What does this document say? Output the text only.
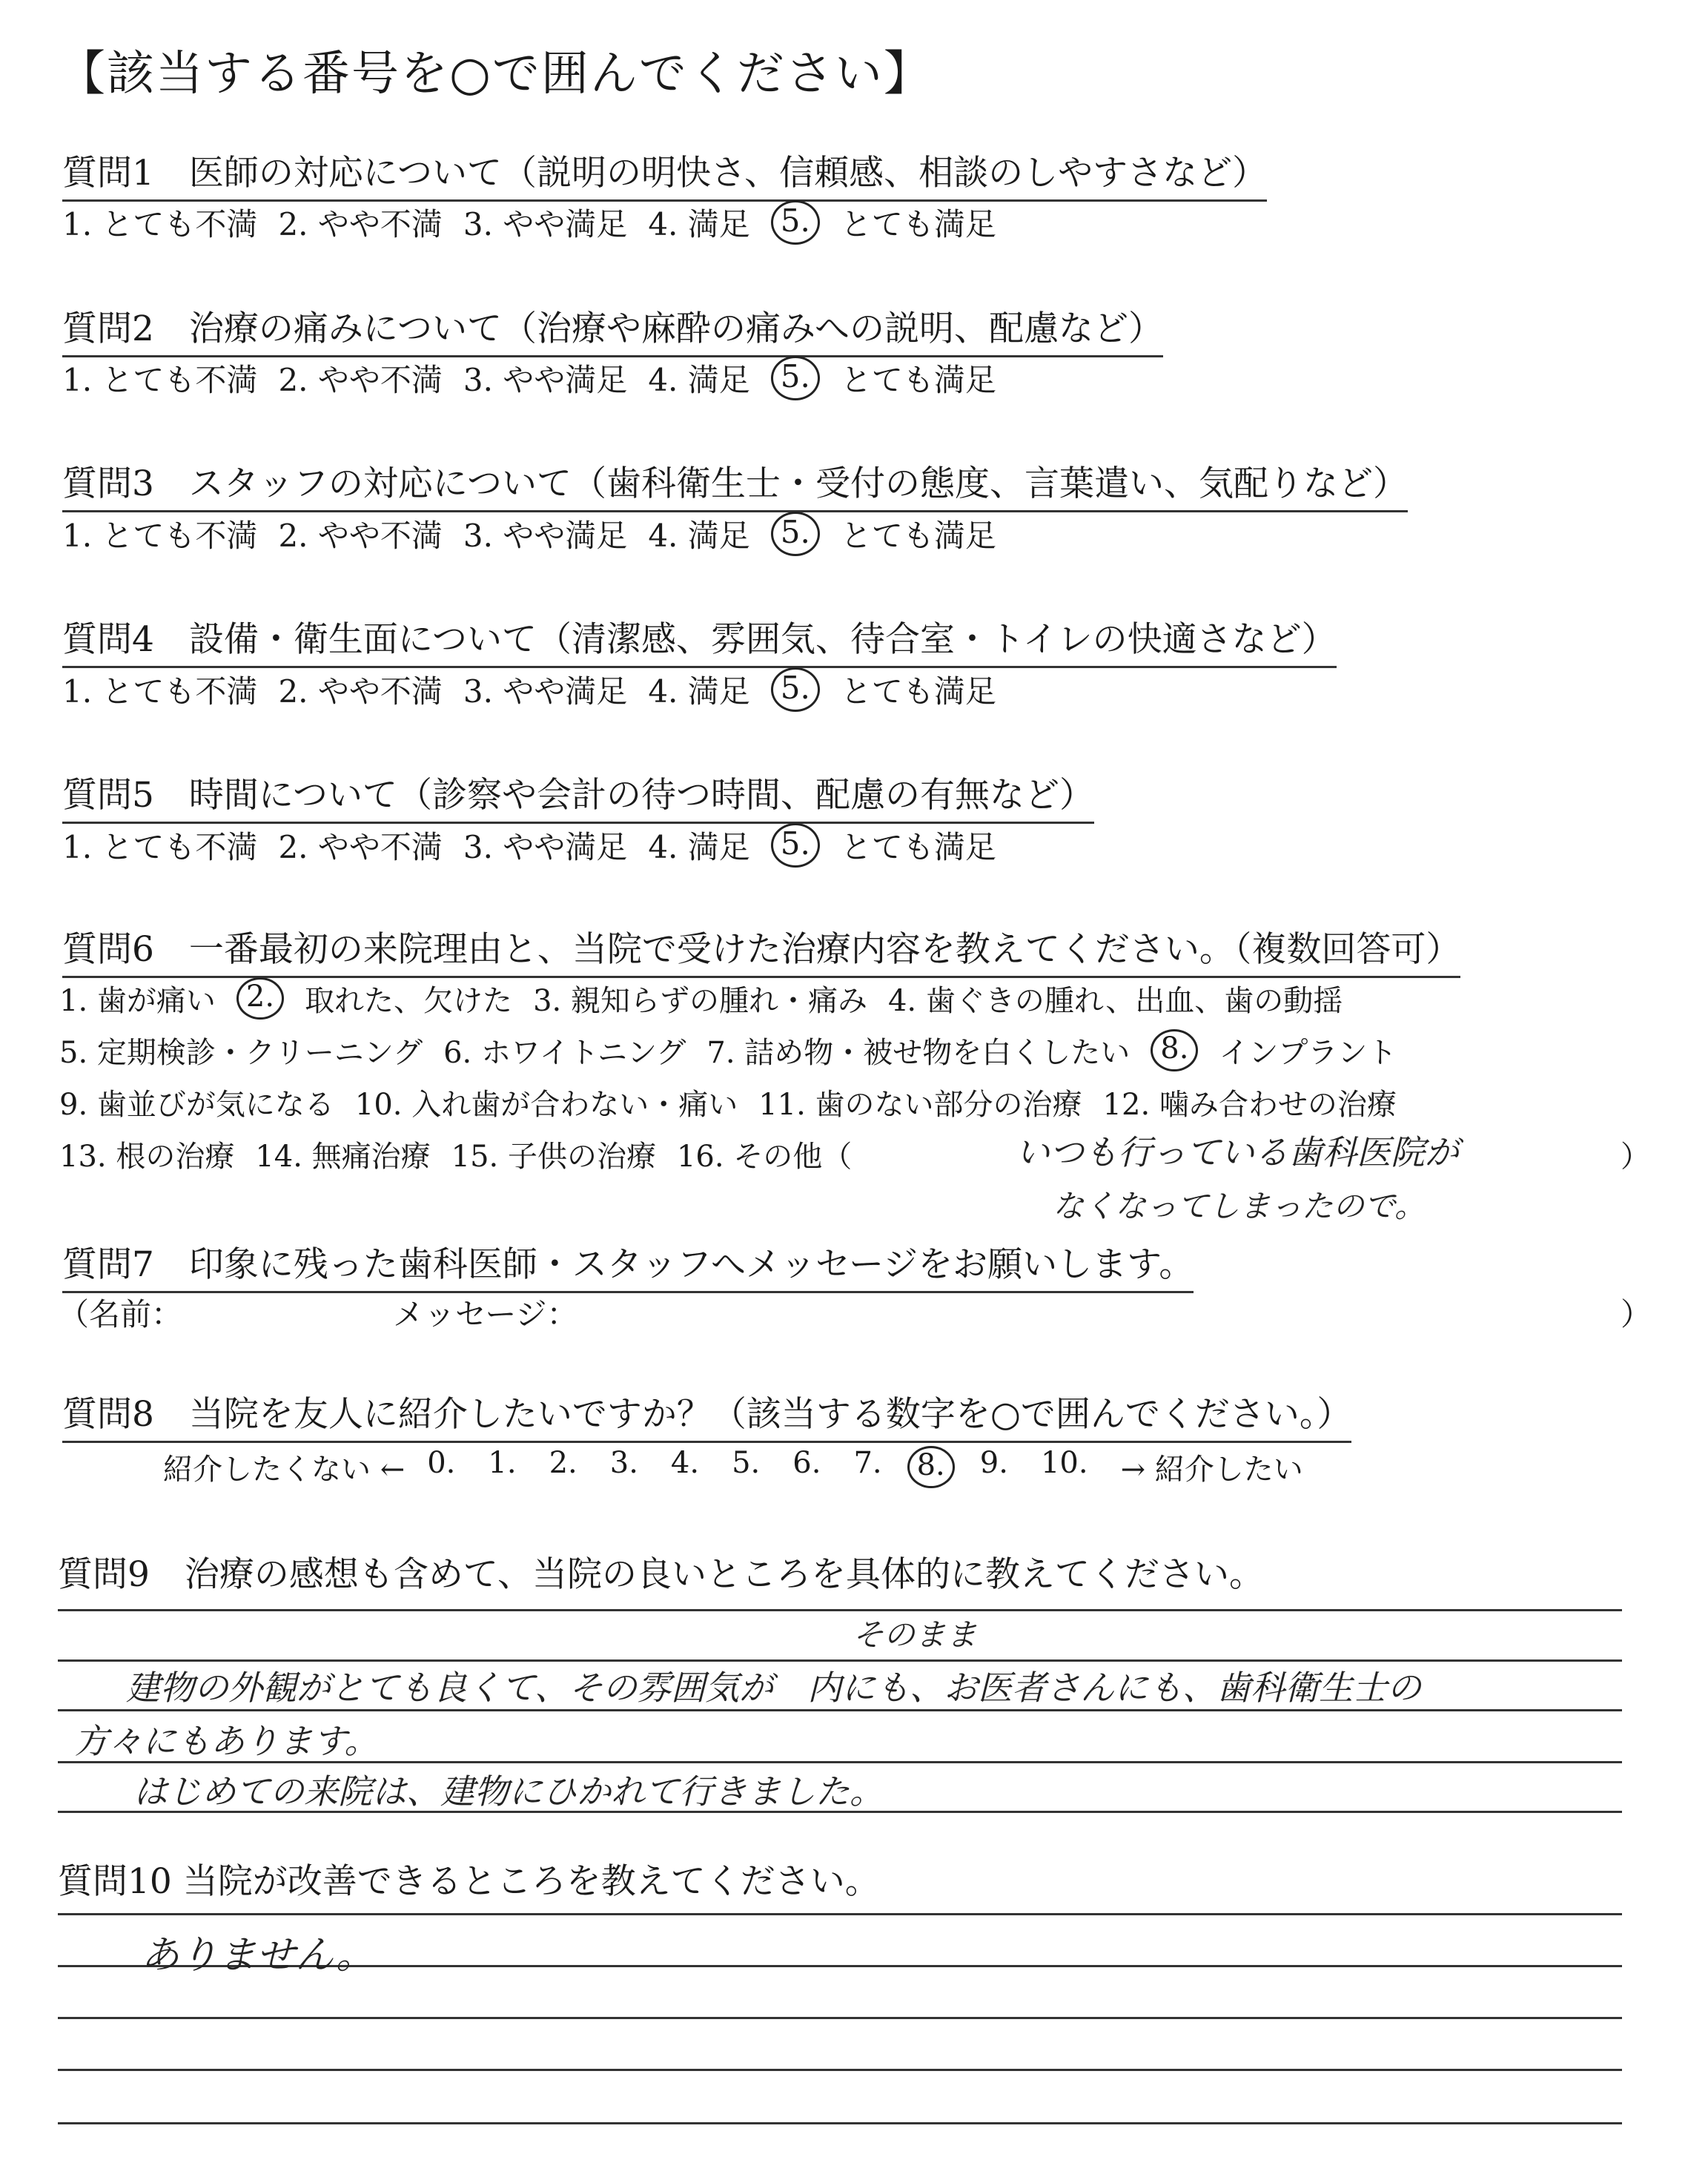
【該当する番号を○で囲んでください】
質問1　医師の対応について（説明の明快さ、信頼感、相談のしやすさなど）
1. とても不満 2. やや不満 3. やや満足 4. 満足 5. とても満足
質問2　治療の痛みについて（治療や麻酔の痛みへの説明、配慮など）
1. とても不満 2. やや不満 3. やや満足 4. 満足 5. とても満足
質問3　スタッフの対応について（歯科衛生士・受付の態度、言葉遣い、気配りなど）
1. とても不満 2. やや不満 3. やや満足 4. 満足 5. とても満足
質問4　設備・衛生面について（清潔感、雰囲気、待合室・トイレの快適さなど）
1. とても不満 2. やや不満 3. やや満足 4. 満足 5. とても満足
質問5　時間について（診察や会計の待つ時間、配慮の有無など）
1. とても不満 2. やや不満 3. やや満足 4. 満足 5. とても満足
質問6　一番最初の来院理由と、当院で受けた治療内容を教えてください。（複数回答可）
1. 歯が痛い	2.	取れた、欠けた 3. 親知らずの腫れ・痛み 4. 歯ぐきの腫れ、出血、歯の動揺
5. 定期検診・クリーニング 6. ホワイトニング 7. 詰め物・被せ物を白くしたい	8.	インプラント
9. 歯並びが気になる 10. 入れ歯が合わない・痛い 11. 歯のない部分の治療 12. 噛み合わせの治療
13. 根の治療 14. 無痛治療 15. 子供の治療 16. その他（	いつも行っている歯科医院が	）
なくなってしまったので。
質問7　印象に残った歯科医師・スタッフへメッセージをお願いします。
（名前：	メッセージ：	）
質問8　当院を友人に紹介したいですか？（該当する数字を○で囲んでください。）
紹介したくない ← 0. 1. 2. 3. 4. 5. 6. 7.	8.	9. 10. → 紹介したい
質問9　治療の感想も含めて、当院の良いところを具体的に教えてください。
そのまま
建物の外観がとても良くて、その雰囲気が　内にも、お医者さんにも、歯科衛生士の
方々にもあります。
はじめての来院は、建物にひかれて行きました。
質問10 当院が改善できるところを教えてください。
ありません。
